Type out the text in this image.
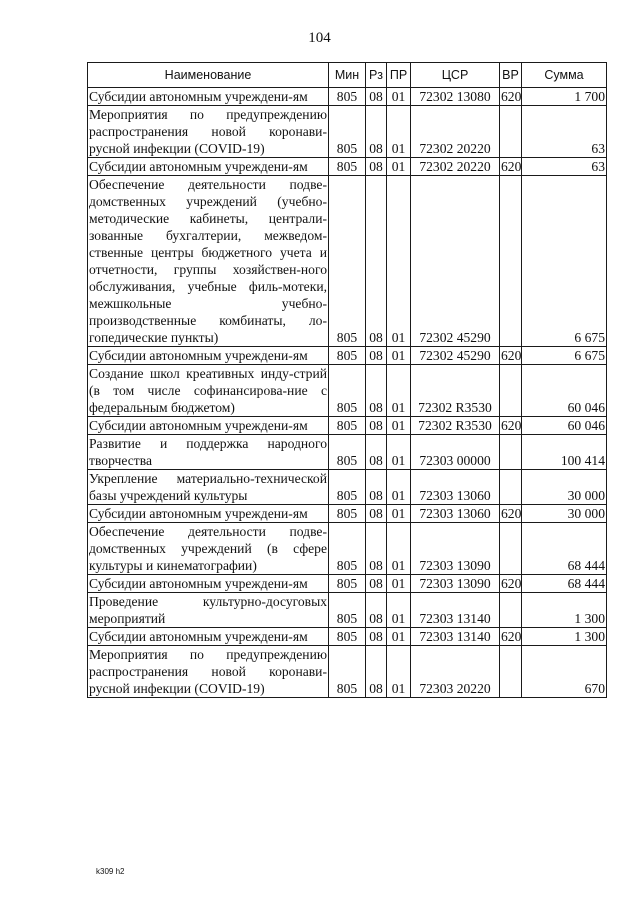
104
Наименование	Мин	Рз	ПР	ЦСР	ВР	Сумма
Субсидии автономным учреждени-ям	805	08	01	72302 13080	620	1 700
Мероприятия по предупреждению распространения новой коронави-русной инфекции (COVID-19)	805	08	01	72302 20220		63
Субсидии автономным учреждени-ям	805	08	01	72302 20220	620	63
Обеспечение деятельности подве-домственных учреждений (учебно-методические кабинеты, централи-зованные бухгалтерии, межведом-ственные центры бюджетного учета и отчетности, группы хозяйствен-ного обслуживания, учебные филь-мотеки, межшкольные учебно-производственные комбинаты, ло-гопедические пункты)	805	08	01	72302 45290		6 675
Субсидии автономным учреждени-ям	805	08	01	72302 45290	620	6 675
Создание школ креативных инду-стрий (в том числе софинансирова-ние с федеральным бюджетом)	805	08	01	72302 R3530		60 046
Субсидии автономным учреждени-ям	805	08	01	72302 R3530	620	60 046
Развитие и поддержка народного творчества	805	08	01	72303 00000		100 414
Укрепление материально-технической базы учреждений культуры	805	08	01	72303 13060		30 000
Субсидии автономным учреждени-ям	805	08	01	72303 13060	620	30 000
Обеспечение деятельности подве-домственных учреждений (в сфере культуры и кинематографии)	805	08	01	72303 13090		68 444
Субсидии автономным учреждени-ям	805	08	01	72303 13090	620	68 444
Проведение культурно-досуговых мероприятий	805	08	01	72303 13140		1 300
Субсидии автономным учреждени-ям	805	08	01	72303 13140	620	1 300
Мероприятия по предупреждению распространения новой коронави-русной инфекции (COVID-19)	805	08	01	72303 20220		670
k309 h2
